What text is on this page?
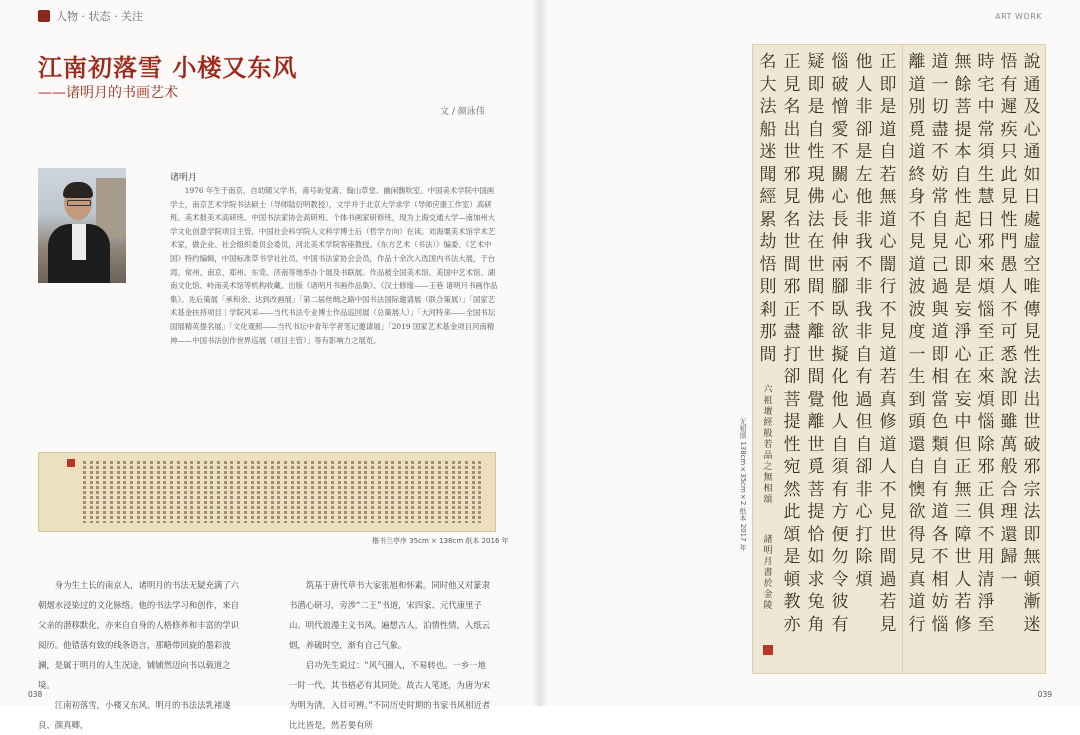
人物 · 状态 · 关注	ART WORK
江南初落雪 小楼又东风
——诸明月的书画艺术
文 / 颜泳伟
诸明月
1976 年生于南京，自幼随父学书，斋号斫觉斋、翰山草堂、幽闲馥吹室。中国美术学院中国画学士，南京艺术学院书法硕士（导师陆衍明教授），文学并于北京大学求学（导师应康工作室）高研班、美术报美术高研班、中国书法家协会高研班、个体书画家研修班，现为上海交通大学—南加州大学文化创意学院项目主管，中国社会科学院人文科学博士后（哲学方向）在读。刘海粟美术馆学术艺术家，做企业、社会组织委员会委员，河北美术学院客座教授。《东方艺术（书法）》编委、《艺术中国》特约编辑，中国标准草书学社社员。中国书法家协会会员，作品十余次入选国内书法大展，于台湾、常州、南京、郑州、东莞、济南等地举办个展及书联展。作品被全国美术馆、美国中艺术馆、湖南文化馆、岭南美术馆等机构收藏。出版《诸明月书画作品集》、《汉士修缘——王巷 诸明月书画作品集》。先后策展「承和余、达到改画展」「第二届丝绸之路中国书法国际邀请展（联合策展）」「国家艺术基金扶持项目｜学院风采——当代书法专业博士作品巡回展（总策展人）」「大河特来——全国书坛国展精英提名展」「文化观照——当代书坛中青年学者笔记邀请展」「2019 国家艺术基金项目河南精神——中国书法创作世界巡展（项目主管）」等有影响力之展览。
楷书兰亭序 35cm × 138cm 纸本 2016 年

身为生土长的南京人，诸明月的书法无疑充满了六朝烟水浸染过的文化脉络。他的书法学习和创作，来自父亲的潜移默化，亦来自自身的人格修养和丰富的学识阅历。他错落有致的线条语言，那略带回旋的墨彩波澜，是属于明月的人生况途，铺铺然迈向书以载道之境。

江南初落雪，小楼又东风。明月的书法法乳褚遂良、颜真卿，

筑基于唐代草书大家张旭和怀素。同时他又对篆隶书潜心研习，旁涉“二王”书道，宋四家、元代康里子山、明代浪漫主义书风。遍想古人，泊情性情，入纸云烟，养破时空，渐有自己气象。

启功先生说过：“风气圈人，不易转也。一乡一地一时一代，其书格必有其同处。故古人笔迹，为唐为宋为明为清，入目可辨。”不同历史时期的书家书风相近者比比皆是，然若要有所

038	039
无相颂 138cm×35cm×2 纸本 2017 年
正
即
是
道
自
若
無
道
心
闇
行
不
見
道
若
真
修
道
人
不
見
世
間
過
若
見
他
人
非
卻
是
左
他
非
我
不
非
我
非
自
有
過
但
自
卻
非
心
打
除
煩
惱
破
憎
愛
不
關
心
長
伸
兩
腳
臥
欲
擬
化
他
人
自
須
有
方
便
勿
令
彼
有
疑
即
是
自
性
現
佛
法
在
世
間
不
離
世
間
覺
離
世
覓
菩
提
恰
如
求
兔
角
正
見
名
出
世
邪
見
名
世
間
邪
正
盡
打
卻
菩
提
性
宛
然
此
頌
是
頓
教
亦
名
大
法
船
迷
聞
經
累
劫
悟
則
剎
那
間
六
祖
壇
經
般
若
品
之
無
相
頌
諸
明
月
書
於
金
陵
說
通
及
心
通
如
日
處
虛
空
唯
傳
見
性
法
出
世
破
邪
宗
法
即
無
頓
漸
迷
悟
有
遲
疾
只
此
見
性
門
愚
人
不
可
悉
說
即
雖
萬
般
合
理
還
歸
一
時
宅
中
常
須
生
慧
日
邪
來
煩
惱
至
正
來
煩
惱
除
邪
正
俱
不
用
清
淨
至
無
餘
菩
提
本
自
性
起
心
即
是
妄
淨
心
在
妄
中
但
正
無
三
障
世
人
若
修
道
一
切
盡
不
妨
常
自
見
己
過
與
道
即
相
當
色
類
自
有
道
各
不
相
妨
惱
離
道
別
覓
道
終
身
不
見
道
波
波
度
一
生
到
頭
還
自
懊
欲
得
見
真
道
行
